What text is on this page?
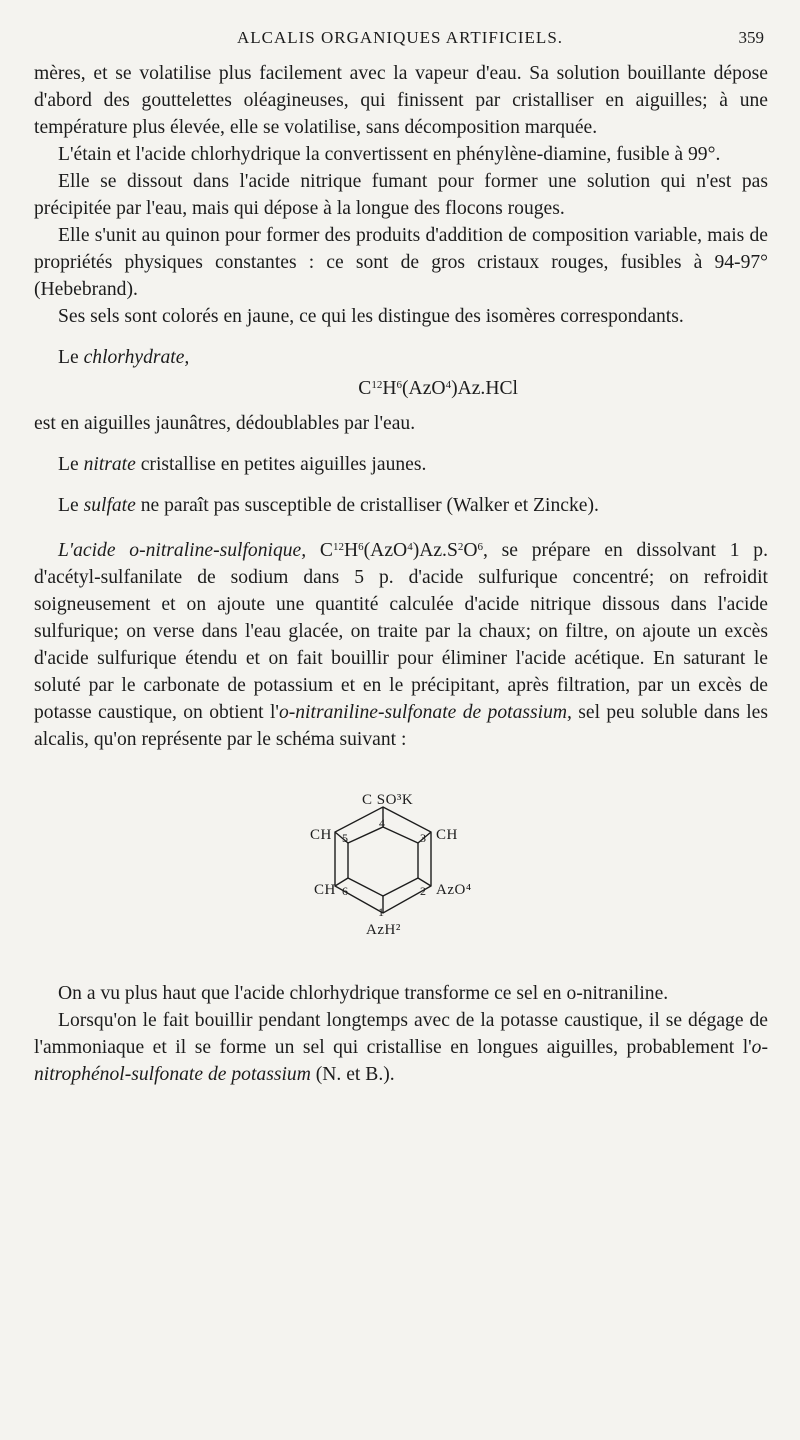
ALCALIS ORGANIQUES ARTIFICIELS.	359

mères, et se volatilise plus facilement avec la vapeur d'eau. Sa solution bouillante dépose d'abord des gouttelettes oléagineuses, qui finissent par cristalliser en aiguilles; à une température plus élevée, elle se volatilise, sans décomposition marquée.

L'étain et l'acide chlorhydrique la convertissent en phénylène-diamine, fusible à 99°.

Elle se dissout dans l'acide nitrique fumant pour former une solution qui n'est pas précipitée par l'eau, mais qui dépose à la longue des flocons rouges.

Elle s'unit au quinon pour former des produits d'addition de composition variable, mais de propriétés physiques constantes : ce sont de gros cristaux rouges, fusibles à 94-97° (Hebebrand).

Ses sels sont colorés en jaune, ce qui les distingue des isomères correspondants.

Le chlorhydrate,

$C^{12}H^6(AzO^4)Az.HCl$

est en aiguilles jaunâtres, dédoublables par l'eau.

Le nitrate cristallise en petites aiguilles jaunes.

Le sulfate ne paraît pas susceptible de cristalliser (Walker et Zincke).

L'acide o-nitraline-sulfonique, $C^{12}H^6(AzO^4)Az.S^2O^6$, se prépare en dissolvant 1 p. d'acétyl-sulfanilate de sodium dans 5 p. d'acide sulfurique concentré; on refroidit soigneusement et on ajoute une quantité calculée d'acide nitrique dissous dans l'acide sulfurique; on verse dans l'eau glacée, on traite par la chaux; on filtre, on ajoute un excès d'acide sulfurique étendu et on fait bouillir pour éliminer l'acide acétique. En saturant le soluté par le carbonate de potassium et en le précipitant, après filtration, par un excès de potasse caustique, on obtient l'o-nitraniline-sulfonate de potassium, sel peu soluble dans les alcalis, qu'on représente par le schéma suivant :

C SO³K
CH	CH
CH	AzO⁴
AzH²
1
2
3
4
5
6

On a vu plus haut que l'acide chlorhydrique transforme ce sel en o-nitraniline.

Lorsqu'on le fait bouillir pendant longtemps avec de la potasse caustique, il se dégage de l'ammoniaque et il se forme un sel qui cristallise en longues aiguilles, probablement l'o-nitrophénol-sulfonate de potassium (N. et B.).
